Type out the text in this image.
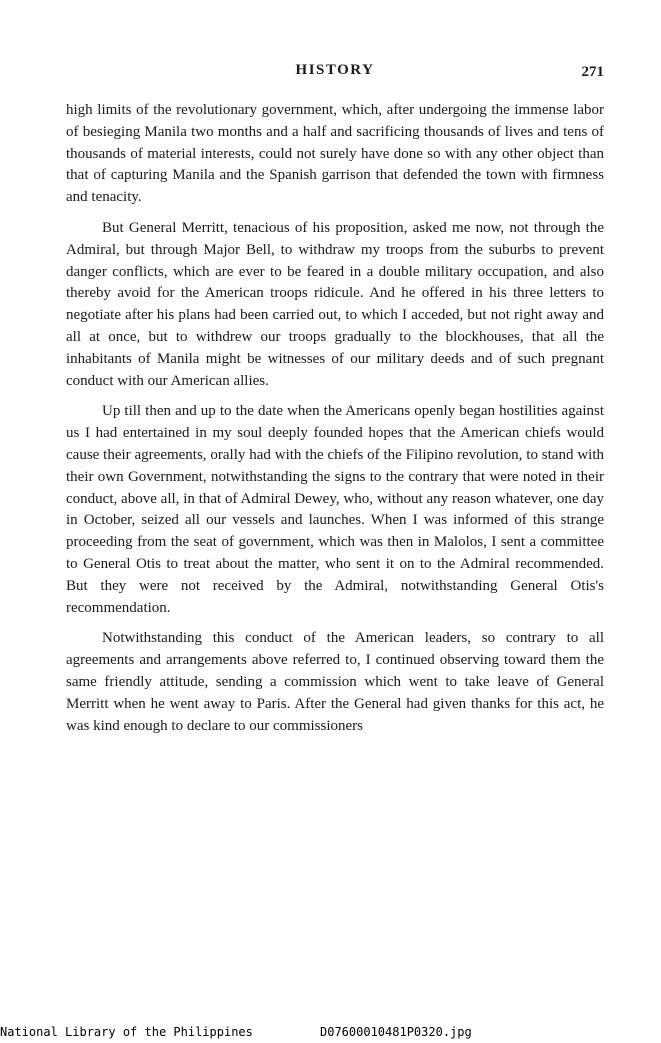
HISTORY	271

high limits of the revolutionary government, which, after undergoing the immense labor of besieging Manila two months and a half and sacrificing thousands of lives and tens of thousands of material interests, could not surely have done so with any other object than that of capturing Manila and the Spanish garrison that defended the town with firmness and tenacity.

But General Merritt, tenacious of his proposition, asked me now, not through the Admiral, but through Major Bell, to withdraw my troops from the suburbs to prevent danger conflicts, which are ever to be feared in a double military occupation, and also thereby avoid for the American troops ridicule. And he offered in his three letters to negotiate after his plans had been carried out, to which I acceded, but not right away and all at once, but to withdrew our troops gradually to the blockhouses, that all the inhabitants of Manila might be witnesses of our military deeds and of such pregnant conduct with our American allies.

Up till then and up to the date when the Americans openly began hostilities against us I had entertained in my soul deeply founded hopes that the American chiefs would cause their agreements, orally had with the chiefs of the Filipino revolution, to stand with their own Government, notwithstanding the signs to the contrary that were noted in their conduct, above all, in that of Admiral Dewey, who, without any reason whatever, one day in October, seized all our vessels and launches. When I was informed of this strange proceeding from the seat of government, which was then in Malolos, I sent a committee to General Otis to treat about the matter, who sent it on to the Admiral recommended. But they were not received by the Admiral, notwithstanding General Otis's recommendation.

Notwithstanding this conduct of the American leaders, so contrary to all agreements and arrangements above referred to, I continued observing toward them the same friendly attitude, sending a commission which went to take leave of General Merritt when he went away to Paris. After the General had given thanks for this act, he was kind enough to declare to our commissioners

National Library of the Philippines	D07600010481P0320.jpg
